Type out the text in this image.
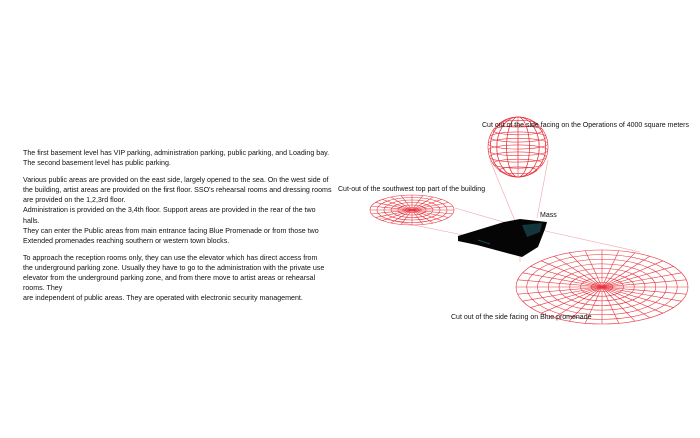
The first basement level has VIP parking, administration parking, public parking, and Loading bay.
The second basement level has public parking.

Various public areas are provided on the east side, largely opened to the sea. On the west side of
the building, artist areas are provided on the first floor. SSO's rehearsal rooms and dressing rooms
are provided on the 1,2,3rd floor.
Administration is provided on the 3,4th floor. Support areas are provided in the rear of the two
halls.
They can enter the Public areas from main entrance facing Blue Promenade or from those two
Extended promenades reaching southern or western town blocks.

To approach the reception rooms only, they can use the elevator which has direct access from
the underground parking zone. Usually they have to go to the administration with the private use
elevator from the underground parking zone, and from there move to artist areas or rehearsal
rooms. They
are independent of public areas. They are operated with electronic security management.

Cut out of the side facing on the Operations of 4000 square meters
Cut-out of the southwest top part of the building
Mass
Cut out of the side facing on Blue promenade
